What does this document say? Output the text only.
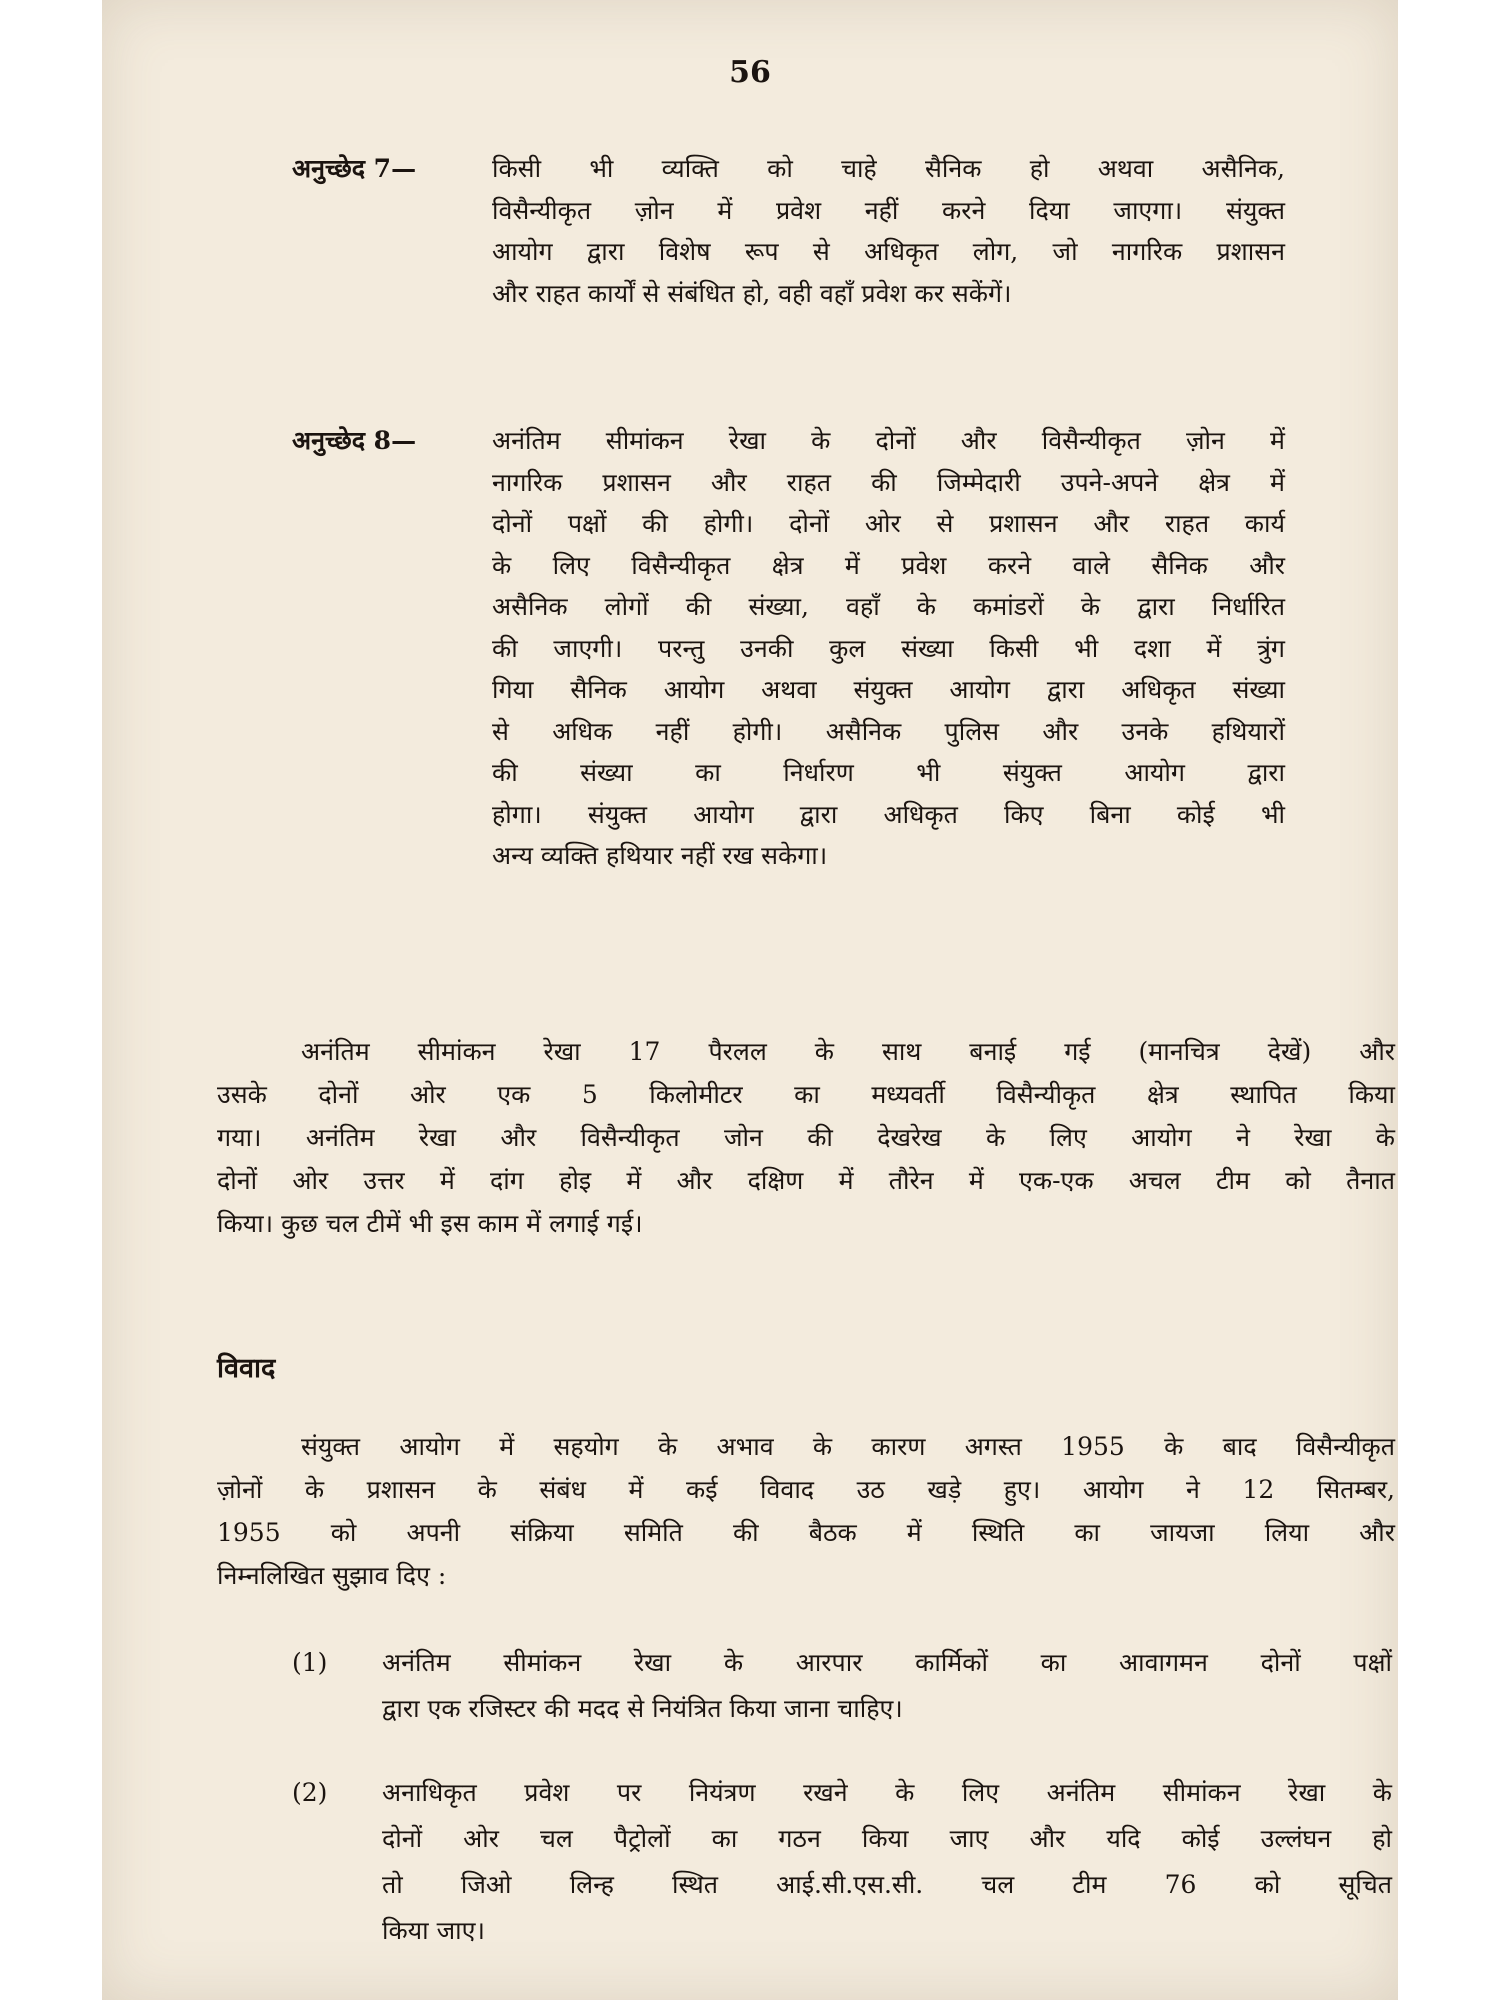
56
अनुच्छेद 7—	किसी भी व्यक्ति को चाहे सैनिक हो अथवा असैनिक,
विसैन्यीकृत ज़ोन में प्रवेश नहीं करने दिया जाएगा। संयुक्त
आयोग द्वारा विशेष रूप से अधिकृत लोग, जो नागरिक प्रशासन
और राहत कार्यों से संबंधित हो, वही वहाँ प्रवेश कर सकेंगें।
अनुच्छेद 8—	अनंतिम सीमांकन रेखा के दोनों और विसैन्यीकृत ज़ोन में
नागरिक प्रशासन और राहत की जिम्मेदारी उपने-अपने क्षेत्र में
दोनों पक्षों की होगी। दोनों ओर से प्रशासन और राहत कार्य
के लिए विसैन्यीकृत क्षेत्र में प्रवेश करने वाले सैनिक और
असैनिक लोगों की संख्या, वहाँ के कमांडरों के द्वारा निर्धारित
की जाएगी। परन्तु उनकी कुल संख्या किसी भी दशा में त्रुंग
गिया सैनिक आयोग अथवा संयुक्त आयोग द्वारा अधिकृत संख्या
से अधिक नहीं होगी। असैनिक पुलिस और उनके हथियारों
की संख्या का निर्धारण भी संयुक्त आयोग द्वारा
होगा। संयुक्त आयोग द्वारा अधिकृत किए बिना कोई भी
अन्य व्यक्ति हथियार नहीं रख सकेगा।
अनंतिम सीमांकन रेखा 17 पैरलल के साथ बनाई गई (मानचित्र देखें) और
उसके दोनों ओर एक 5 किलोमीटर का मध्यवर्ती विसैन्यीकृत क्षेत्र स्थापित किया
गया। अनंतिम रेखा और विसैन्यीकृत जोन की देखरेख के लिए आयोग ने रेखा के
दोनों ओर उत्तर में दांग होइ में और दक्षिण में तौरेन में एक-एक अचल टीम को तैनात
किया। कुछ चल टीमें भी इस काम में लगाई गई।
विवाद
संयुक्त आयोग में सहयोग के अभाव के कारण अगस्त 1955 के बाद विसैन्यीकृत
ज़ोनों के प्रशासन के संबंध में कई विवाद उठ खड़े हुए। आयोग ने 12 सितम्बर,
1955 को अपनी संक्रिया समिति की बैठक में स्थिति का जायजा लिया और
निम्नलिखित सुझाव दिए :
(1)	अनंतिम सीमांकन रेखा के आरपार कार्मिकों का आवागमन दोनों पक्षों
द्वारा एक रजिस्टर की मदद से नियंत्रित किया जाना चाहिए।
(2)	अनाधिकृत प्रवेश पर नियंत्रण रखने के लिए अनंतिम सीमांकन रेखा के
दोनों ओर चल पैट्रोलों का गठन किया जाए और यदि कोई उल्लंघन हो
तो जिओ लिन्ह स्थित आई.सी.एस.सी. चल टीम 76 को सूचित
किया जाए।
